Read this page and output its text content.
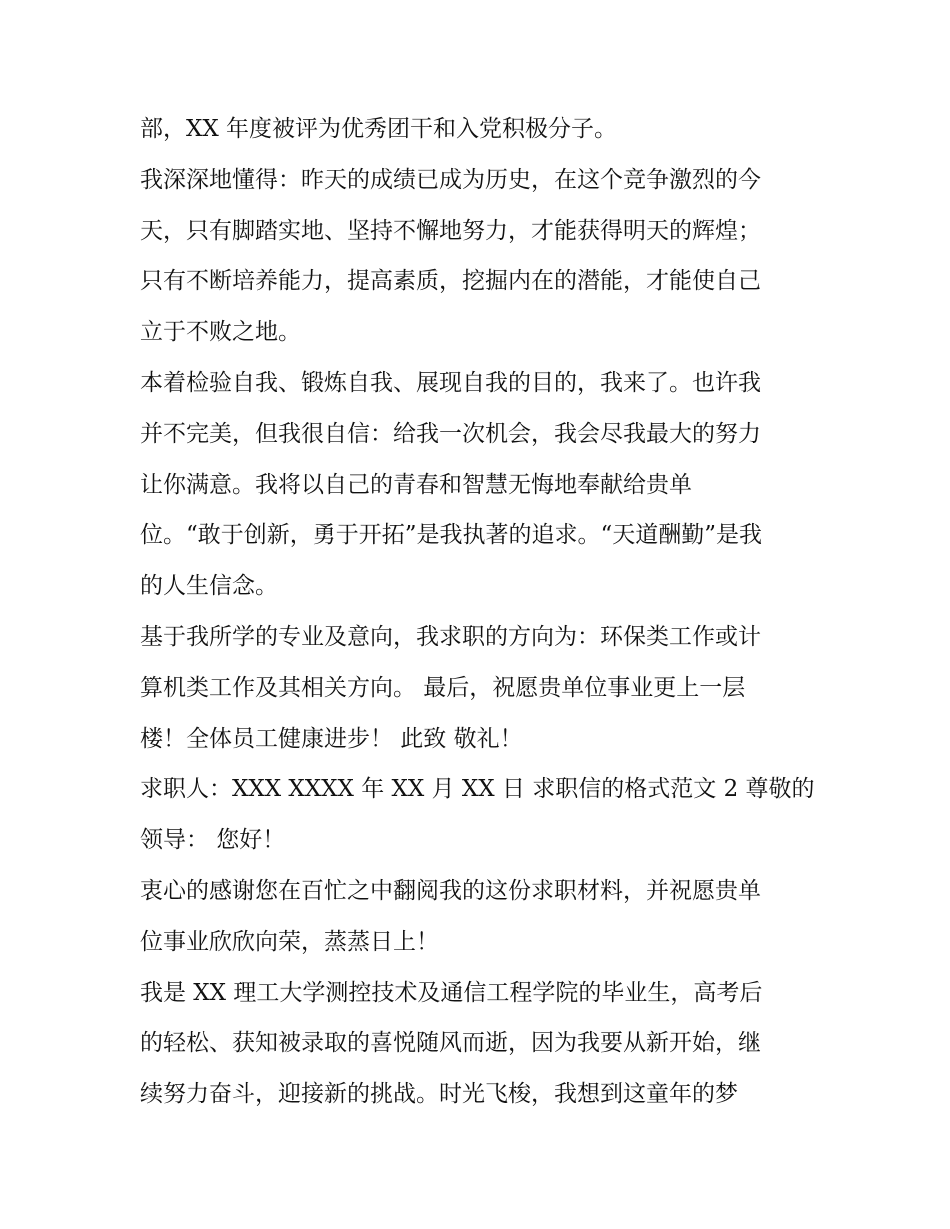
部，XX 年度被评为优秀团干和入党积极分子。
我深深地懂得：昨天的成绩已成为历史，在这个竞争激烈的今
天，只有脚踏实地、坚持不懈地努力，才能获得明天的辉煌；
只有不断培养能力，提高素质，挖掘内在的潜能，才能使自己
立于不败之地。
本着检验自我、锻炼自我、展现自我的目的，我来了。也许我
并不完美，但我很自信：给我一次机会，我会尽我最大的努力
让你满意。我将以自己的青春和智慧无悔地奉献给贵单
位。“敢于创新，勇于开拓”是我执著的追求。“天道酬勤”是我
的人生信念。
基于我所学的专业及意向，我求职的方向为：环保类工作或计
算机类工作及其相关方向。 最后，祝愿贵单位事业更上一层
楼！全体员工健康进步！ 此致 敬礼！
求职人：XXX XXXX 年 XX 月 XX 日 求职信的格式范文 2 尊敬的
领导： 您好！
衷心的感谢您在百忙之中翻阅我的这份求职材料，并祝愿贵单
位事业欣欣向荣，蒸蒸日上！
我是 XX 理工大学测控技术及通信工程学院的毕业生，高考后
的轻松、获知被录取的喜悦随风而逝，因为我要从新开始，继
续努力奋斗，迎接新的挑战。时光飞梭，我想到这童年的梦
